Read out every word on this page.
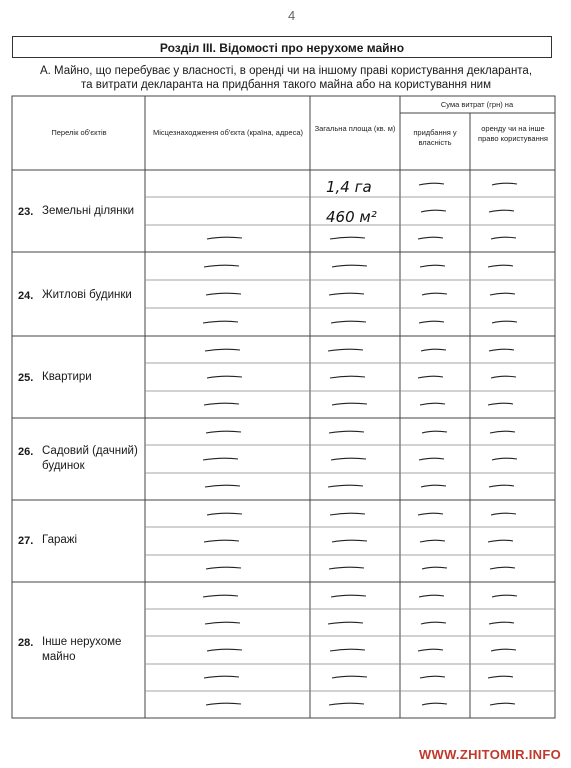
4
Розділ ІІІ. Відомості про нерухоме майно
А. Майно, що перебуває у власності, в оренді чи на іншому праві користування декларанта,
та витрати декларанта на придбання такого майна або на користування ним
Перелік об'єктів	Місцезнаходження об'єкта (країна, адреса)	Загальна площа (кв. м)
Сума витрат (грн) на
придбання у власність
оренду чи на інше право користування
23. Земельні ділянки
24. Житлові будинки
25. Квартири
26. Садовий (дачний) будинок
27. Гаражі
28. Інше нерухоме майно
1,4 га
460 м²
WWW.ZHITOMIR.INFO
